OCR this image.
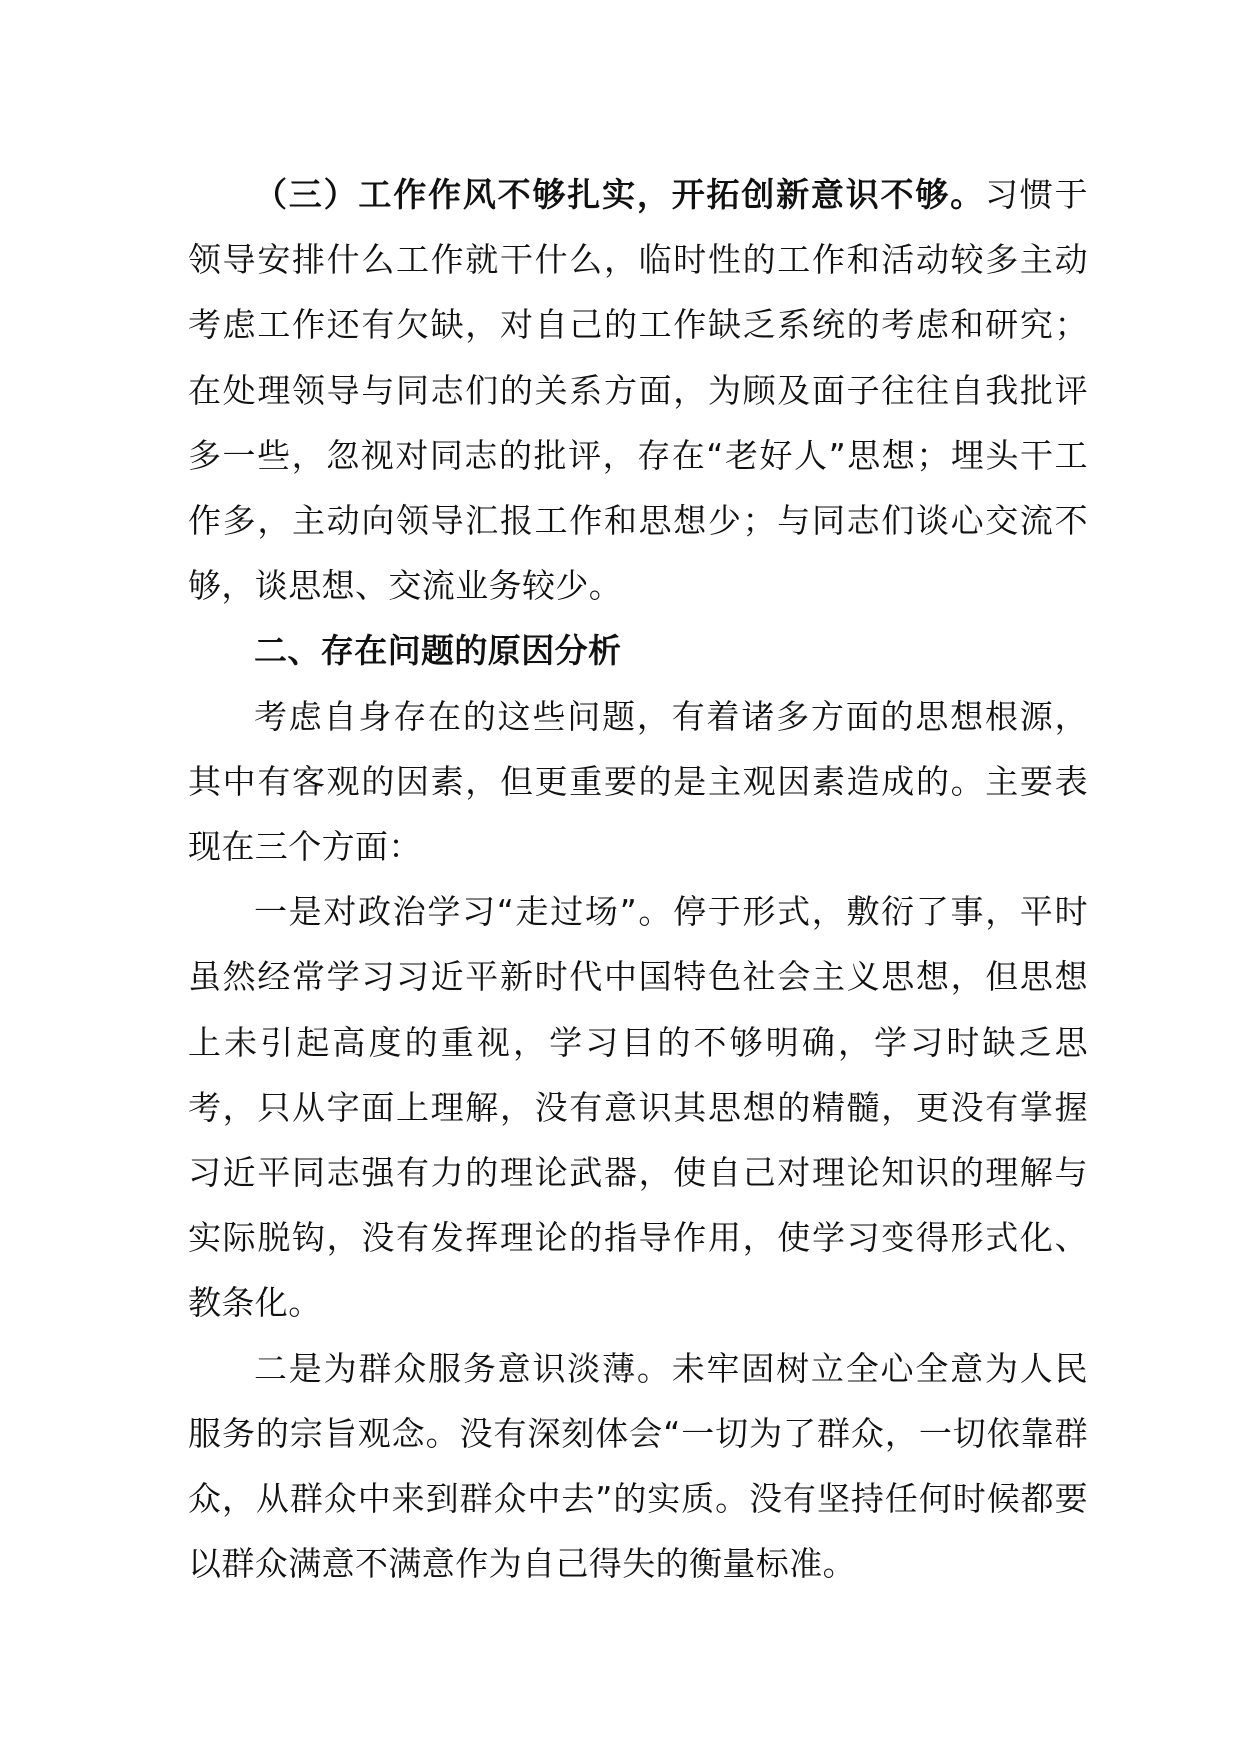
（三）工作作风不够扎实，开拓创新意识不够。习惯于领导安排什么工作就干什么，临时性的工作和活动较多主动考虑工作还有欠缺，对自己的工作缺乏系统的考虑和研究；在处理领导与同志们的关系方面，为顾及面子往往自我批评多一些，忽视对同志的批评，存在“老好人”思想；埋头干工作多，主动向领导汇报工作和思想少；与同志们谈心交流不够，谈思想、交流业务较少。

二、存在问题的原因分析

考虑自身存在的这些问题，有着诸多方面的思想根源，其中有客观的因素，但更重要的是主观因素造成的。主要表现在三个方面：

一是对政治学习“走过场”。停于形式，敷衍了事，平时虽然经常学习习近平新时代中国特色社会主义思想，但思想上未引起高度的重视，学习目的不够明确，学习时缺乏思考，只从字面上理解，没有意识其思想的精髓，更没有掌握习近平同志强有力的理论武器，使自己对理论知识的理解与实际脱钩，没有发挥理论的指导作用，使学习变得形式化、教条化。

二是为群众服务意识淡薄。未牢固树立全心全意为人民服务的宗旨观念。没有深刻体会“一切为了群众，一切依靠群众，从群众中来到群众中去”的实质。没有坚持任何时候都要以群众满意不满意作为自己得失的衡量标准。
